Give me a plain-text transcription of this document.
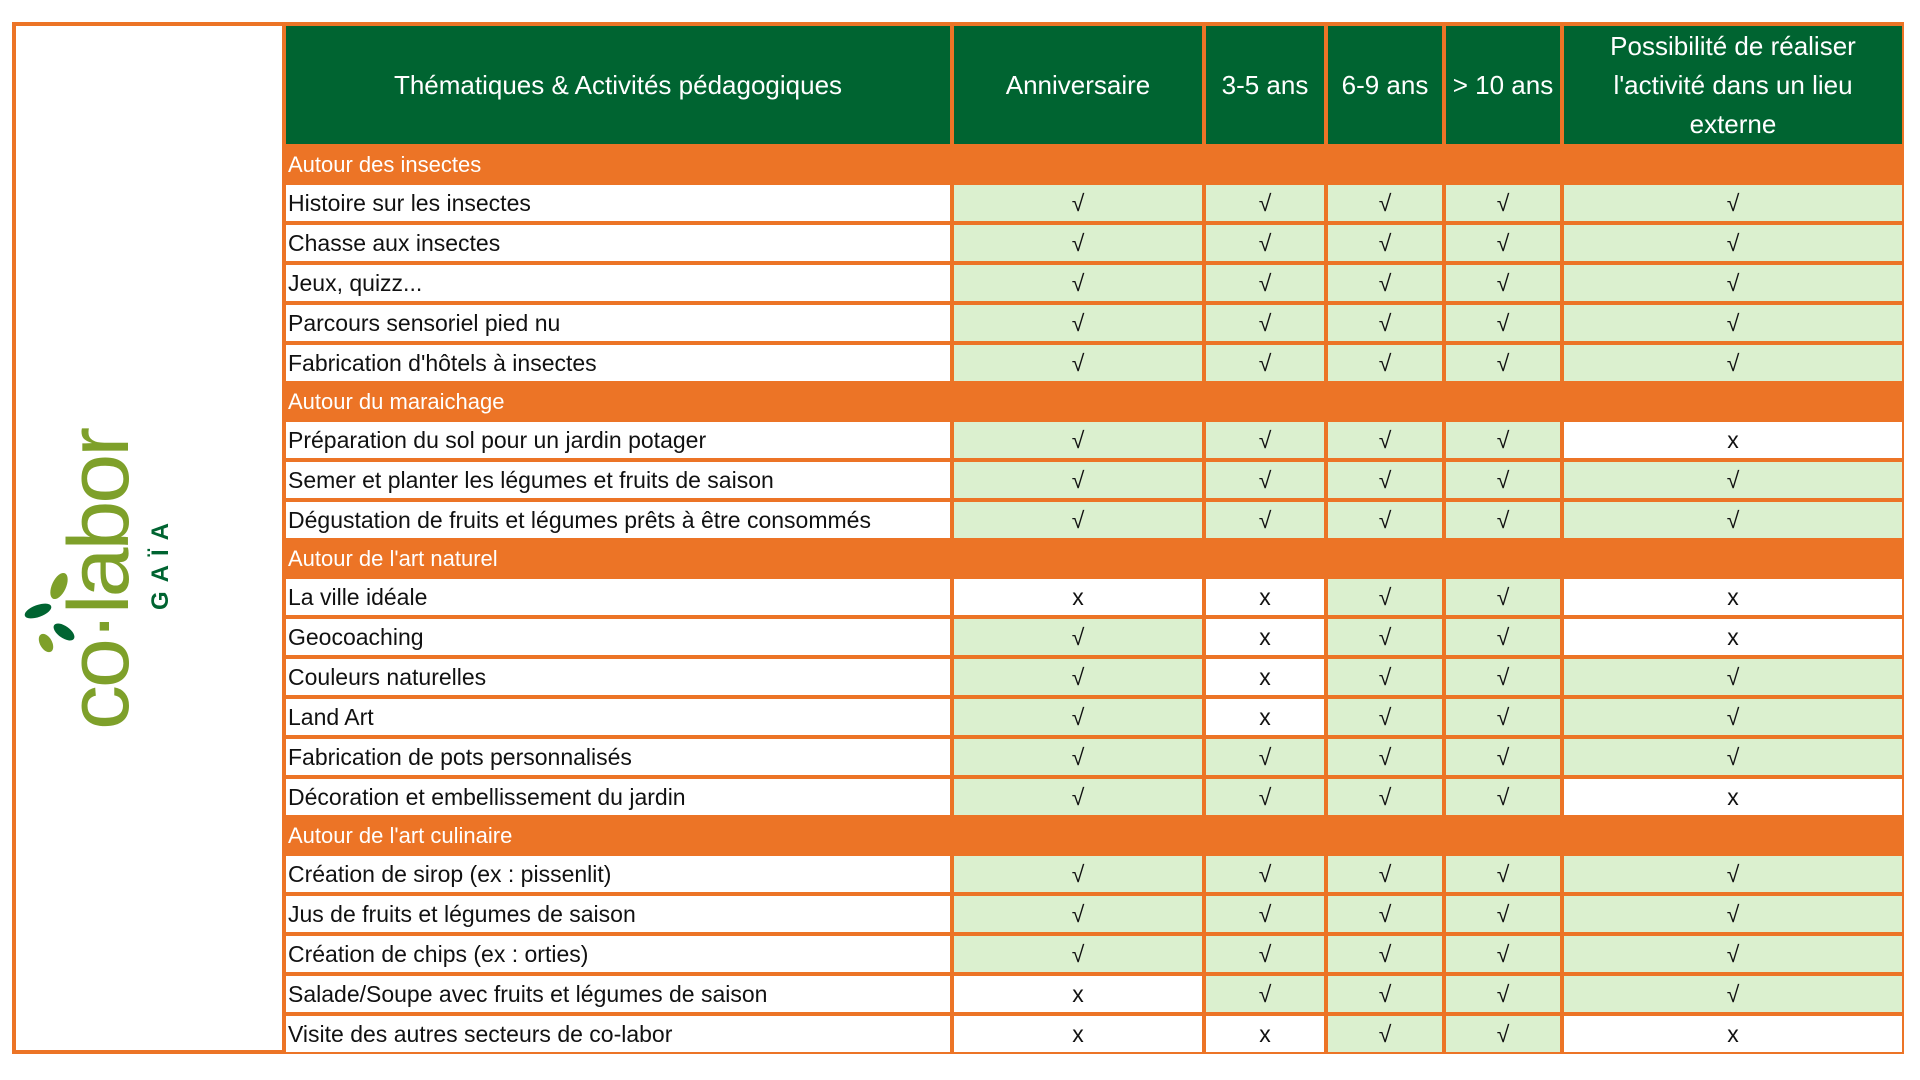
co·labor GAÏA
Thématiques & Activités pédagogiques	Anniversaire	3-5 ans	6-9 ans	> 10 ans	Possibilité de réaliser l'activité dans un lieu externe
Autour des insectes					
Histoire sur les insectes	√	√	√	√	√
Chasse aux insectes	√	√	√	√	√
Jeux, quizz...	√	√	√	√	√
Parcours sensoriel pied nu	√	√	√	√	√
Fabrication d'hôtels à insectes	√	√	√	√	√
Autour du maraichage					
Préparation du sol pour un jardin potager	√	√	√	√	x
Semer et planter les légumes et fruits de saison	√	√	√	√	√
Dégustation de fruits et légumes prêts à être consommés	√	√	√	√	√
Autour de l'art naturel					
La ville idéale	x	x	√	√	x
Geocoaching	√	x	√	√	x
Couleurs naturelles	√	x	√	√	√
Land Art	√	x	√	√	√
Fabrication de pots personnalisés	√	√	√	√	√
Décoration et embellissement du jardin	√	√	√	√	x
Autour de l'art culinaire					
Création de sirop (ex : pissenlit)	√	√	√	√	√
Jus de fruits et légumes de saison	√	√	√	√	√
Création de chips (ex : orties)	√	√	√	√	√
Salade/Soupe avec fruits et légumes de saison	x	√	√	√	√
Visite des autres secteurs de co-labor	x	x	√	√	x
